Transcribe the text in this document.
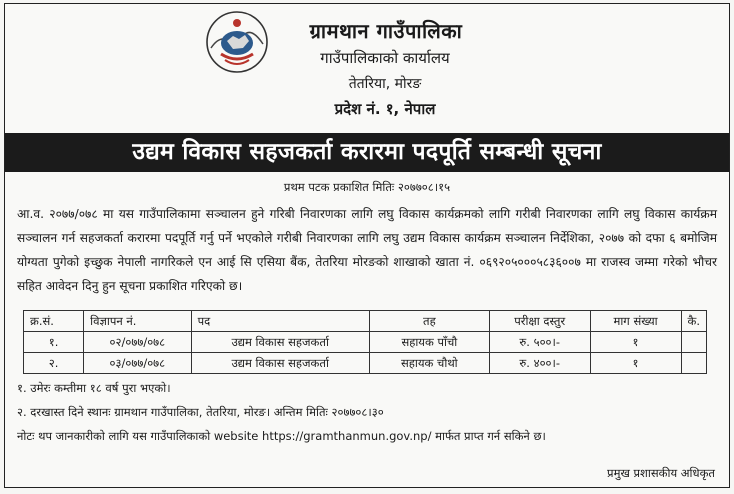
ग्रामथान गाउँपालिका
गाउँपालिकाको कार्यालय
तेतरिया, मोरङ
प्रदेश नं. १, नेपाल
उद्यम विकास सहजकर्ता करारमा पदपूर्ति सम्बन्धी सूचना
प्रथम पटक प्रकाशित मितिः २०७७०८।१५
आ.व. २०७७/०७८ मा यस गाउँपालिकामा सञ्चालन हुने गरिबी निवारणका लागि लघु विकास कार्यक्रमको लागि गरीबी निवारणका लागि लघु विकास कार्यक्रम सञ्चालन गर्न सहजकर्ता करारमा पदपूर्ति गर्नु पर्ने भएकोले गरीबी निवारणका लागि लघु उद्यम विकास कार्यक्रम सञ्चालन निर्देशिका, २०७७ को दफा ६ बमोजिम योग्यता पुगेको इच्छुक नेपाली नागरिकले एन आई सि एसिया बैंक, तेतरिया मोरङको शाखाको खाता नं. ०६९२०५०००५८३६००७ मा राजस्व जम्मा गरेको भौचर सहित आवेदन दिनु हुन सूचना प्रकाशित गरिएको छ।
क्र.सं.	विज्ञापन नं.	पद	तह	परीक्षा दस्तुर	माग संख्या	कै.
१.	०२/०७७/०७८	उद्यम विकास सहजकर्ता	सहायक पाँचौ	रु. ५००।-	१	
२.	०३/०७७/०७८	उद्यम विकास सहजकर्ता	सहायक चौथो	रु. ४००।-	१	
१. उमेरः कम्तीमा १८ वर्ष पुरा भएको।
२. दरखास्त दिने स्थानः ग्रामथान गाउँपालिका, तेतरिया, मोरङ। अन्तिम मितिः २०७७०८।३०
नोटः थप जानकारीको लागि यस गाउँपालिकाको website https://gramthanmun.gov.np/ मार्फत प्राप्त गर्न सकिने छ।
प्रमुख प्रशासकीय अधिकृत
